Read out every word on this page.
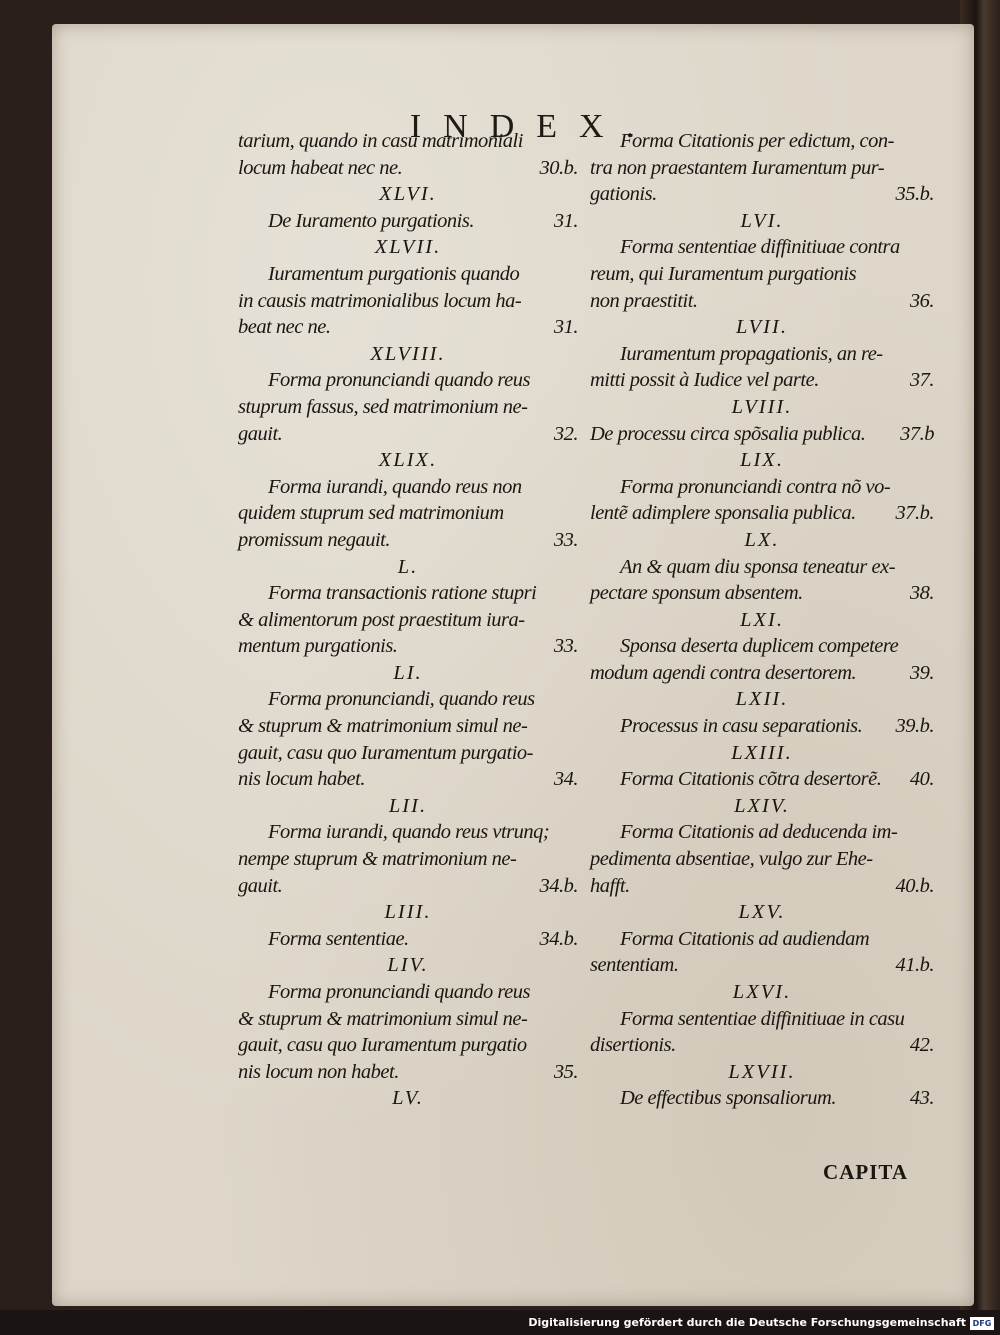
INDEX.
CAPITA
tarium, quando in casu matrimoniali
locum habeat nec ne.	30.b.
XLVI.
De Iuramento purgationis.	31.
XLVII.
Iuramentum purgationis quando
in causis matrimonialibus locum ha-
beat nec ne.	31.
XLVIII.
Forma pronunciandi quando reus
stuprum fassus, sed matrimonium ne-
gauit.	32.
XLIX.
Forma iurandi, quando reus non
quidem stuprum sed matrimonium
promissum negauit.	33.
L.
Forma transactionis ratione stupri
& alimentorum post praestitum iura-
mentum purgationis.	33.
LI.
Forma pronunciandi, quando reus
& stuprum & matrimonium simul ne-
gauit, casu quo Iuramentum purgatio-
nis locum habet.	34.
LII.
Forma iurandi, quando reus vtrunq;
nempe stuprum & matrimonium ne-
gauit.	34.b.
LIII.
Forma sententiae.	34.b.
LIV.
Forma pronunciandi quando reus
& stuprum & matrimonium simul ne-
gauit, casu quo Iuramentum purgatio
nis locum non habet.	35.
LV.
Forma Citationis per edictum, con-
tra non praestantem Iuramentum pur-
gationis.	35.b.
LVI.
Forma sententiae diffinitiuae contra
reum, qui Iuramentum purgationis
non praestitit.	36.
LVII.
Iuramentum propagationis, an re-
mitti possit à Iudice vel parte.	37.
LVIII.
De processu circa spõsalia publica. 37.b
LIX.
Forma pronunciandi contra nõ vo-
lentẽ adimplere sponsalia publica. 37.b.
LX.
An & quam diu sponsa teneatur ex-
pectare sponsum absentem.	38.
LXI.
Sponsa deserta duplicem competere
modum agendi contra desertorem.	39.
LXII.
Processus in casu separationis. 39.b.
LXIII.
Forma Citationis cõtra desertorẽ. 40.
LXIV.
Forma Citationis ad deducenda im-
pedimenta absentiae, vulgo zur Ehe-
hafft.	40.b.
LXV.
Forma Citationis ad audiendam
sententiam.	41.b.
LXVI.
Forma sententiae diffinitiuae in casu
disertionis.	42.
LXVII.
De effectibus sponsaliorum.	43.
Digitalisierung gefördert durch die Deutsche Forschungsgemeinschaft DFG
